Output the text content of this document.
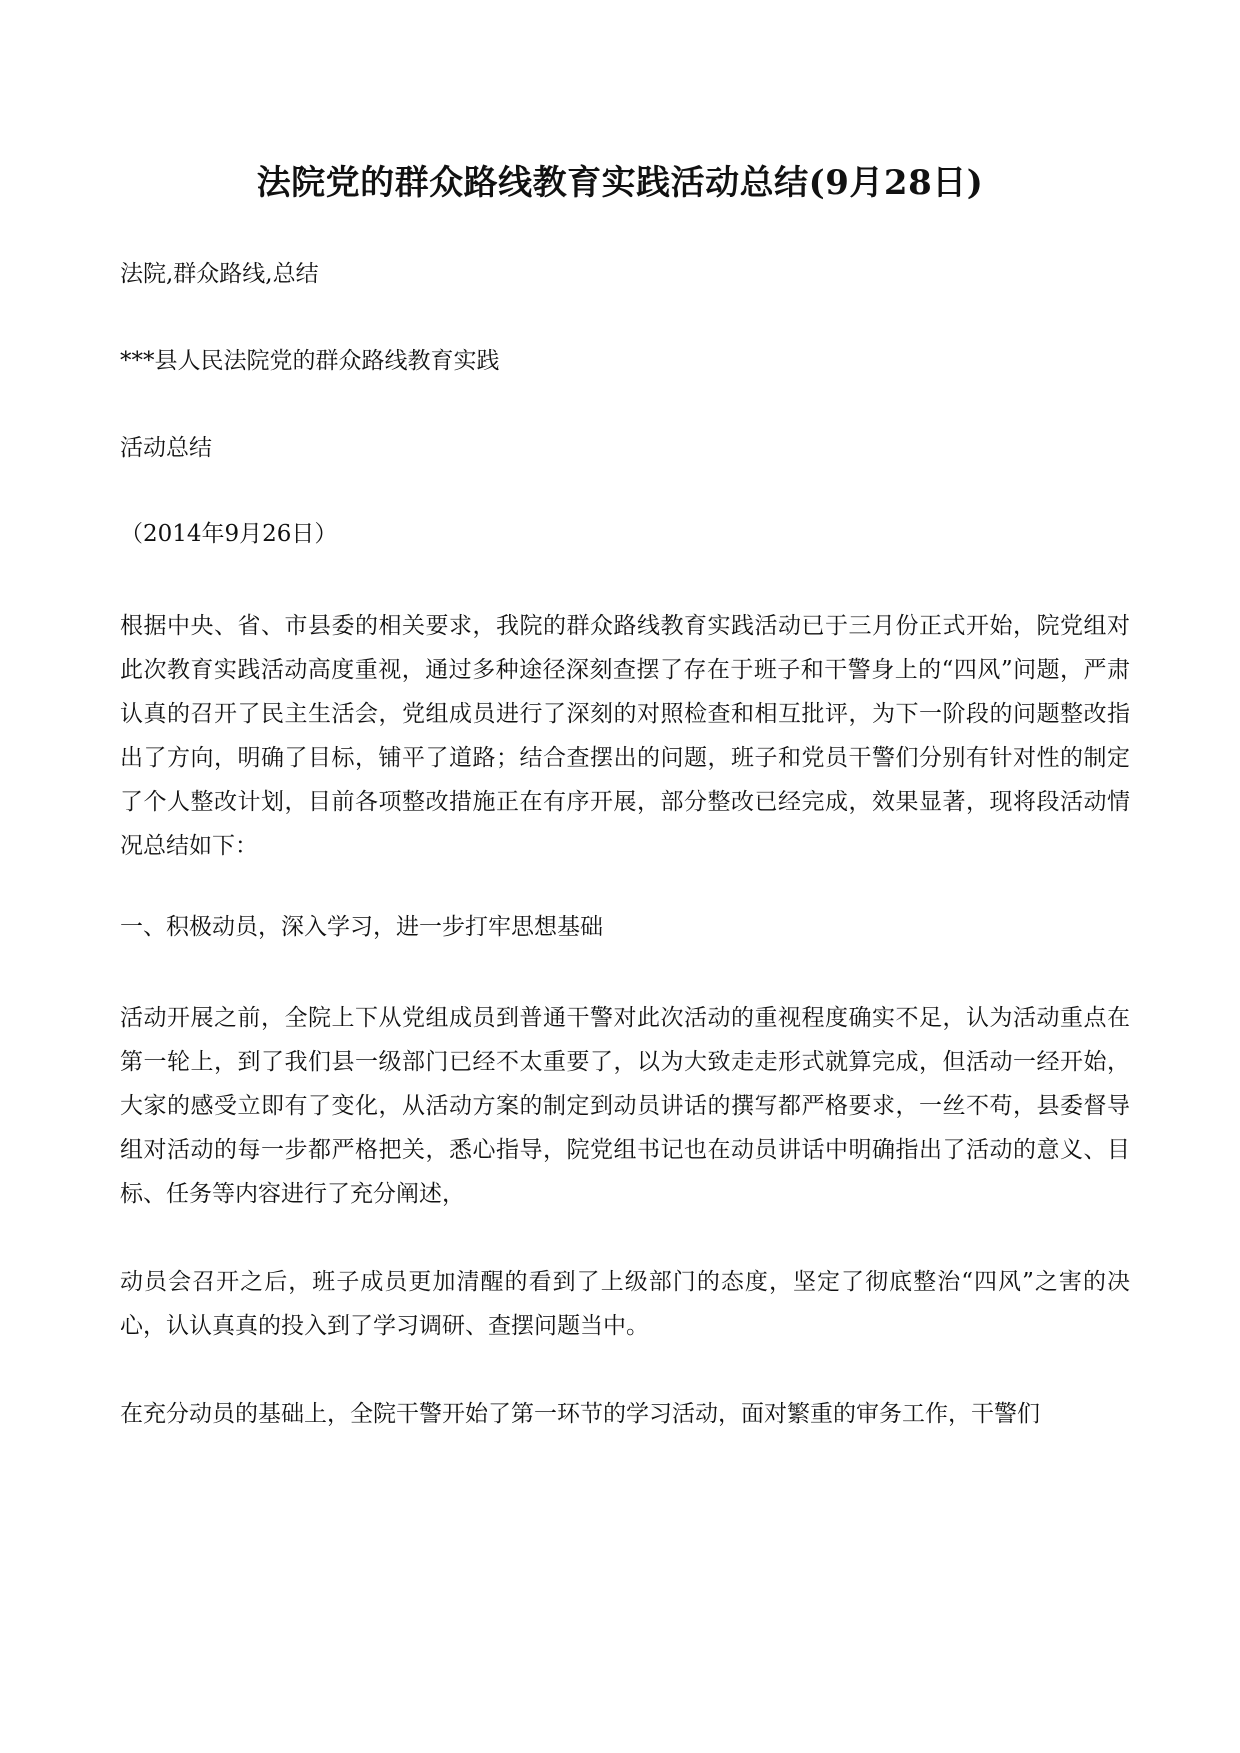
法院党的群众路线教育实践活动总结(9月28日)
法院,群众路线,总结
***县人民法院党的群众路线教育实践
活动总结
（2014年9月26日）
根据中央、省、市县委的相关要求，我院的群众路线教育实践活动已于三月份正式开始，院党组对此次教育实践活动高度重视，通过多种途径深刻查摆了存在于班子和干警身上的“四风”问题，严肃认真的召开了民主生活会，党组成员进行了深刻的对照检查和相互批评，为下一阶段的问题整改指出了方向，明确了目标，铺平了道路；结合查摆出的问题，班子和党员干警们分别有针对性的制定了个人整改计划，目前各项整改措施正在有序开展，部分整改已经完成，效果显著，现将段活动情况总结如下：
一、积极动员，深入学习，进一步打牢思想基础
活动开展之前，全院上下从党组成员到普通干警对此次活动的重视程度确实不足，认为活动重点在第一轮上，到了我们县一级部门已经不太重要了，以为大致走走形式就算完成，但活动一经开始，大家的感受立即有了变化，从活动方案的制定到动员讲话的撰写都严格要求，一丝不苟，县委督导组对活动的每一步都严格把关，悉心指导，院党组书记也在动员讲话中明确指出了活动的意义、目标、任务等内容进行了充分阐述，
动员会召开之后，班子成员更加清醒的看到了上级部门的态度，坚定了彻底整治“四风”之害的决心，认认真真的投入到了学习调研、查摆问题当中。
在充分动员的基础上，全院干警开始了第一环节的学习活动，面对繁重的审务工作，干警们
